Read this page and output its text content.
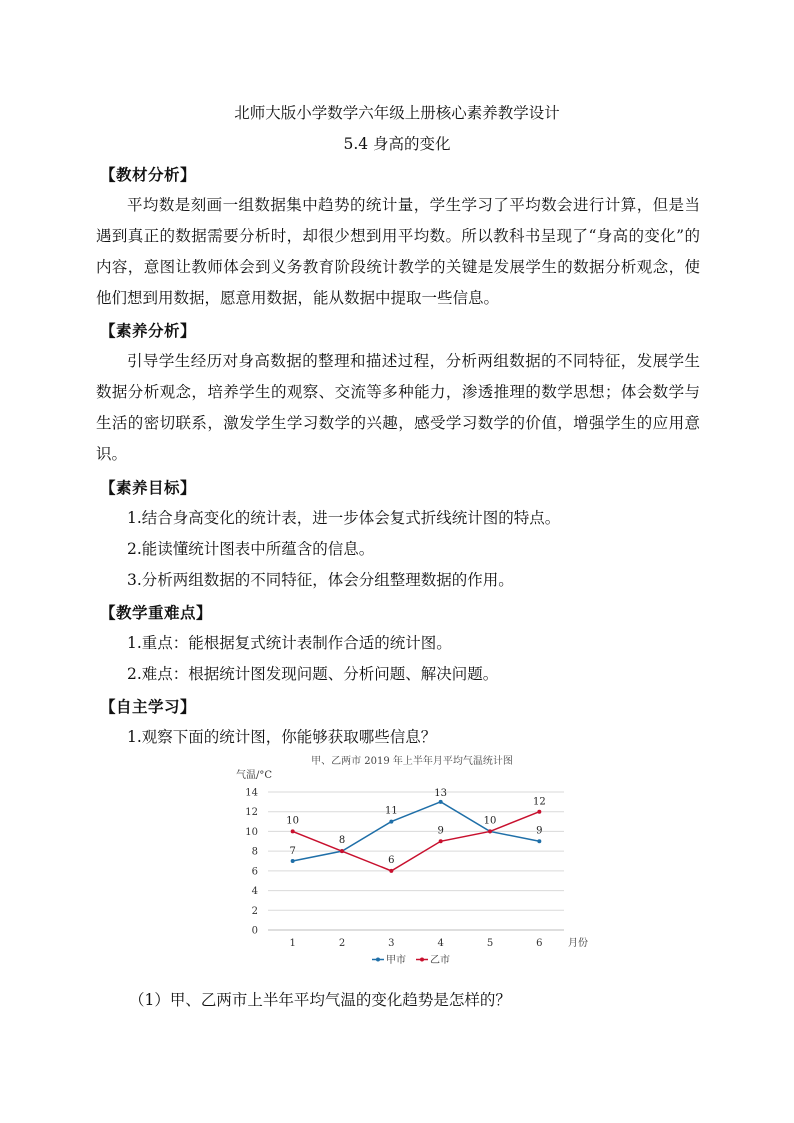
北师大版小学数学六年级上册核心素养教学设计
5.4 身高的变化
【教材分析】
平均数是刻画一组数据集中趋势的统计量，学生学习了平均数会进行计算，但是当遇到真正的数据需要分析时，却很少想到用平均数。所以教科书呈现了“身高的变化”的内容，意图让教师体会到义务教育阶段统计教学的关键是发展学生的数据分析观念，使他们想到用数据，愿意用数据，能从数据中提取一些信息。
【素养分析】
引导学生经历对身高数据的整理和描述过程，分析两组数据的不同特征，发展学生数据分析观念，培养学生的观察、交流等多种能力，渗透推理的数学思想；体会数学与生活的密切联系，激发学生学习数学的兴趣，感受学习数学的价值，增强学生的应用意识。
【素养目标】
1.结合身高变化的统计表，进一步体会复式折线统计图的特点。
2.能读懂统计图表中所蕴含的信息。
3.分析两组数据的不同特征，体会分组整理数据的作用。
【教学重难点】
1.重点：能根据复式统计表制作合适的统计图。
2.难点：根据统计图发现问题、分析问题、解决问题。
【自主学习】
1.观察下面的统计图，你能够获取哪些信息？
甲、乙两市 2019 年上半年月平均气温统计图
气温/°C
0
2
4
6
8
10
12
14
1	2	3	4	5	6	月份
7
11
13
9
10
8
6
9
10
12
甲市 乙市
（1）甲、乙两市上半年平均气温的变化趋势是怎样的？
